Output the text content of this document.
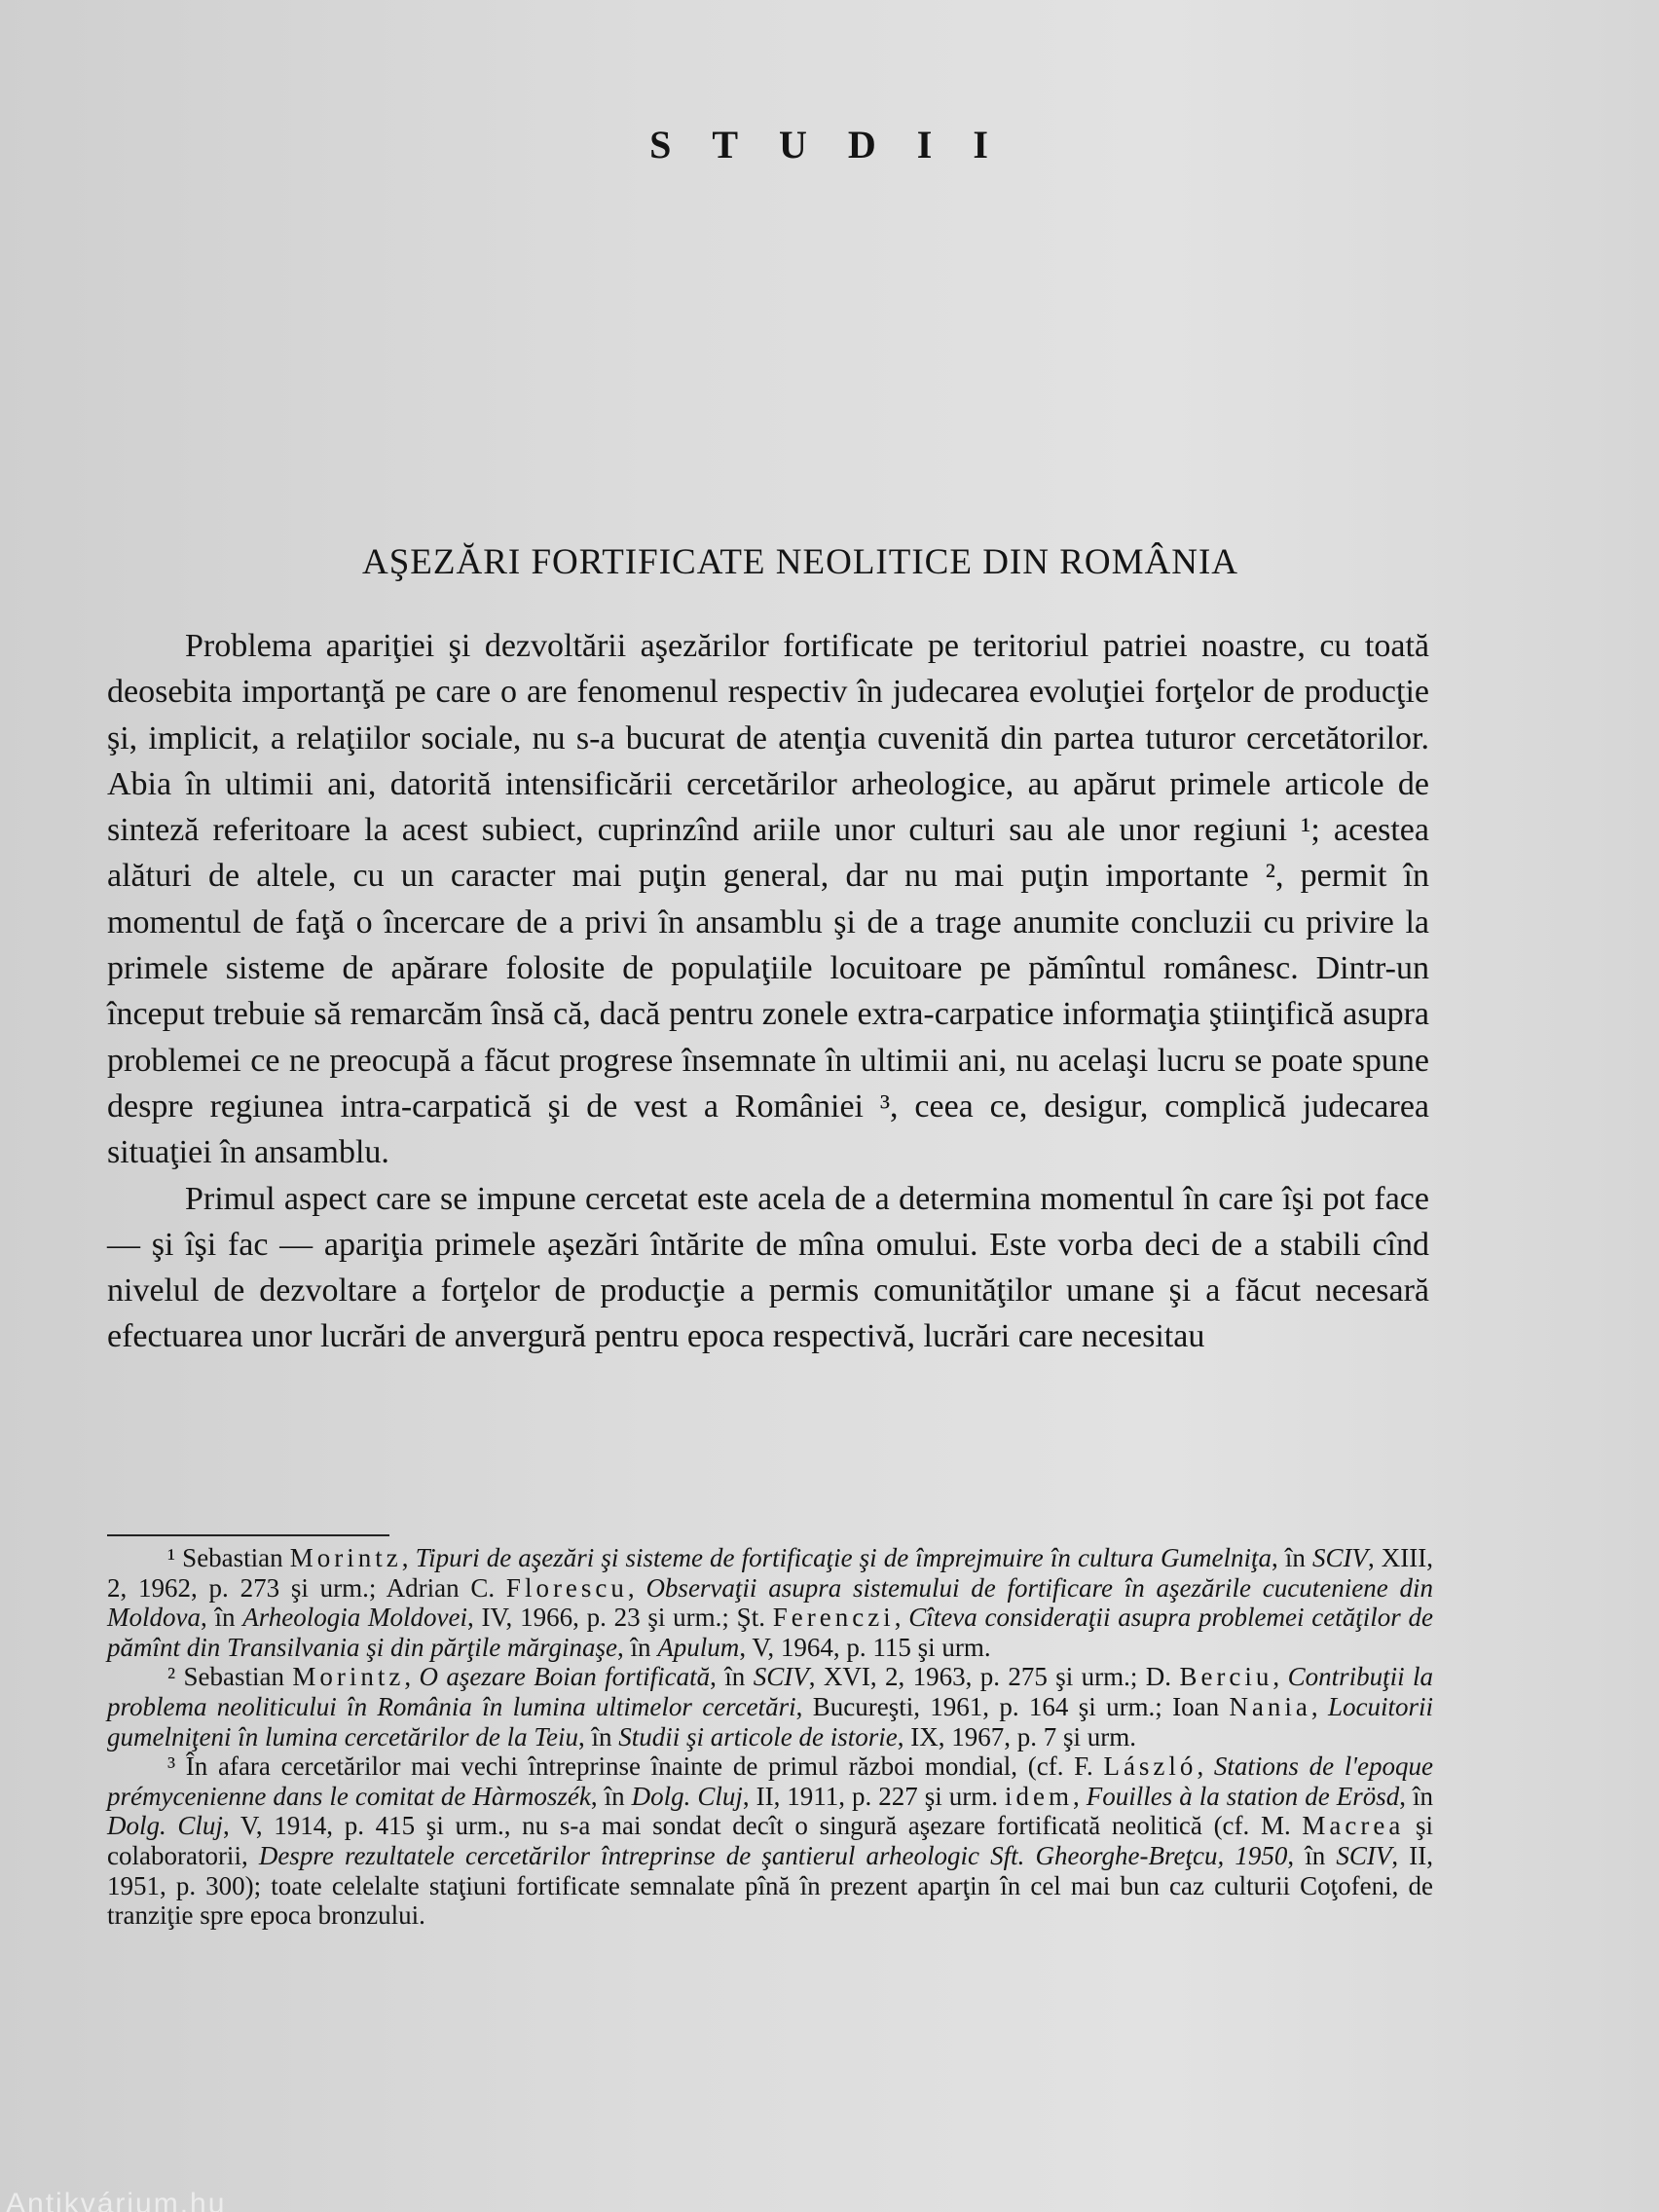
STUDII
AŞEZĂRI FORTIFICATE NEOLITICE DIN ROMÂNIA

Problema apariţiei şi dezvoltării aşezărilor fortificate pe teritoriul patriei noastre, cu toată deosebita importanţă pe care o are fenomenul respectiv în judecarea evoluţiei forţelor de producţie şi, implicit, a relaţiilor sociale, nu s-a bucurat de atenţia cuvenită din partea tuturor cercetătorilor. Abia în ultimii ani, datorită intensificării cercetărilor arheologice, au apărut primele articole de sinteză referitoare la acest subiect, cuprinzînd ariile unor culturi sau ale unor regiuni ¹; acestea alături de altele, cu un caracter mai puţin general, dar nu mai puţin importante ², permit în momentul de faţă o încercare de a privi în ansamblu şi de a trage anumite concluzii cu privire la primele sisteme de apărare folosite de populaţiile locuitoare pe pămîntul românesc. Dintr-un început trebuie să remarcăm însă că, dacă pentru zonele extra-carpatice informaţia ştiinţifică asupra problemei ce ne preocupă a făcut progrese însemnate în ultimii ani, nu acelaşi lucru se poate spune despre regiunea intra-carpatică şi de vest a României ³, ceea ce, desigur, complică judecarea situaţiei în ansamblu.

Primul aspect care se impune cercetat este acela de a determina momentul în care îşi pot face — şi îşi fac — apariţia primele aşezări întărite de mîna omului. Este vorba deci de a stabili cînd nivelul de dezvoltare a forţelor de producţie a permis comunităţilor umane şi a făcut necesară efectuarea unor lucrări de anvergură pentru epoca respectivă, lucrări care necesitau

¹ Sebastian Morintz, Tipuri de aşezări şi sisteme de fortificaţie şi de împrejmuire în cultura Gumelniţa, în SCIV, XIII, 2, 1962, p. 273 şi urm.; Adrian C. Florescu, Observaţii asupra sistemului de fortificare în aşezările cucuteniene din Moldova, în Arheologia Moldovei, IV, 1966, p. 23 şi urm.; Şt. Ferenczi, Cîteva consideraţii asupra problemei cetăţilor de pămînt din Transilvania şi din părţile mărginaşe, în Apulum, V, 1964, p. 115 şi urm.

² Sebastian Morintz, O aşezare Boian fortificată, în SCIV, XVI, 2, 1963, p. 275 şi urm.; D. Berciu, Contribuţii la problema neoliticului în România în lumina ultimelor cercetări, Bucureşti, 1961, p. 164 şi urm.; Ioan Nania, Locuitorii gumelniţeni în lumina cercetărilor de la Teiu, în Studii şi articole de istorie, IX, 1967, p. 7 şi urm.

³ În afara cercetărilor mai vechi întreprinse înainte de primul război mondial, (cf. F. László, Stations de l'epoque prémycenienne dans le comitat de Hàrmoszék, în Dolg. Cluj, II, 1911, p. 227 şi urm. idem, Fouilles à la station de Erösd, în Dolg. Cluj, V, 1914, p. 415 şi urm., nu s-a mai sondat decît o singură aşezare fortificată neolitică (cf. M. Macrea şi colaboratorii, Despre rezultatele cercetărilor întreprinse de şantierul arheologic Sft. Gheorghe-Breţcu, 1950, în SCIV, II, 1951, p. 300); toate celelalte staţiuni fortificate semnalate pînă în prezent aparţin în cel mai bun caz culturii Coţofeni, de tranziţie spre epoca bronzului.

Antikvárium.hu
